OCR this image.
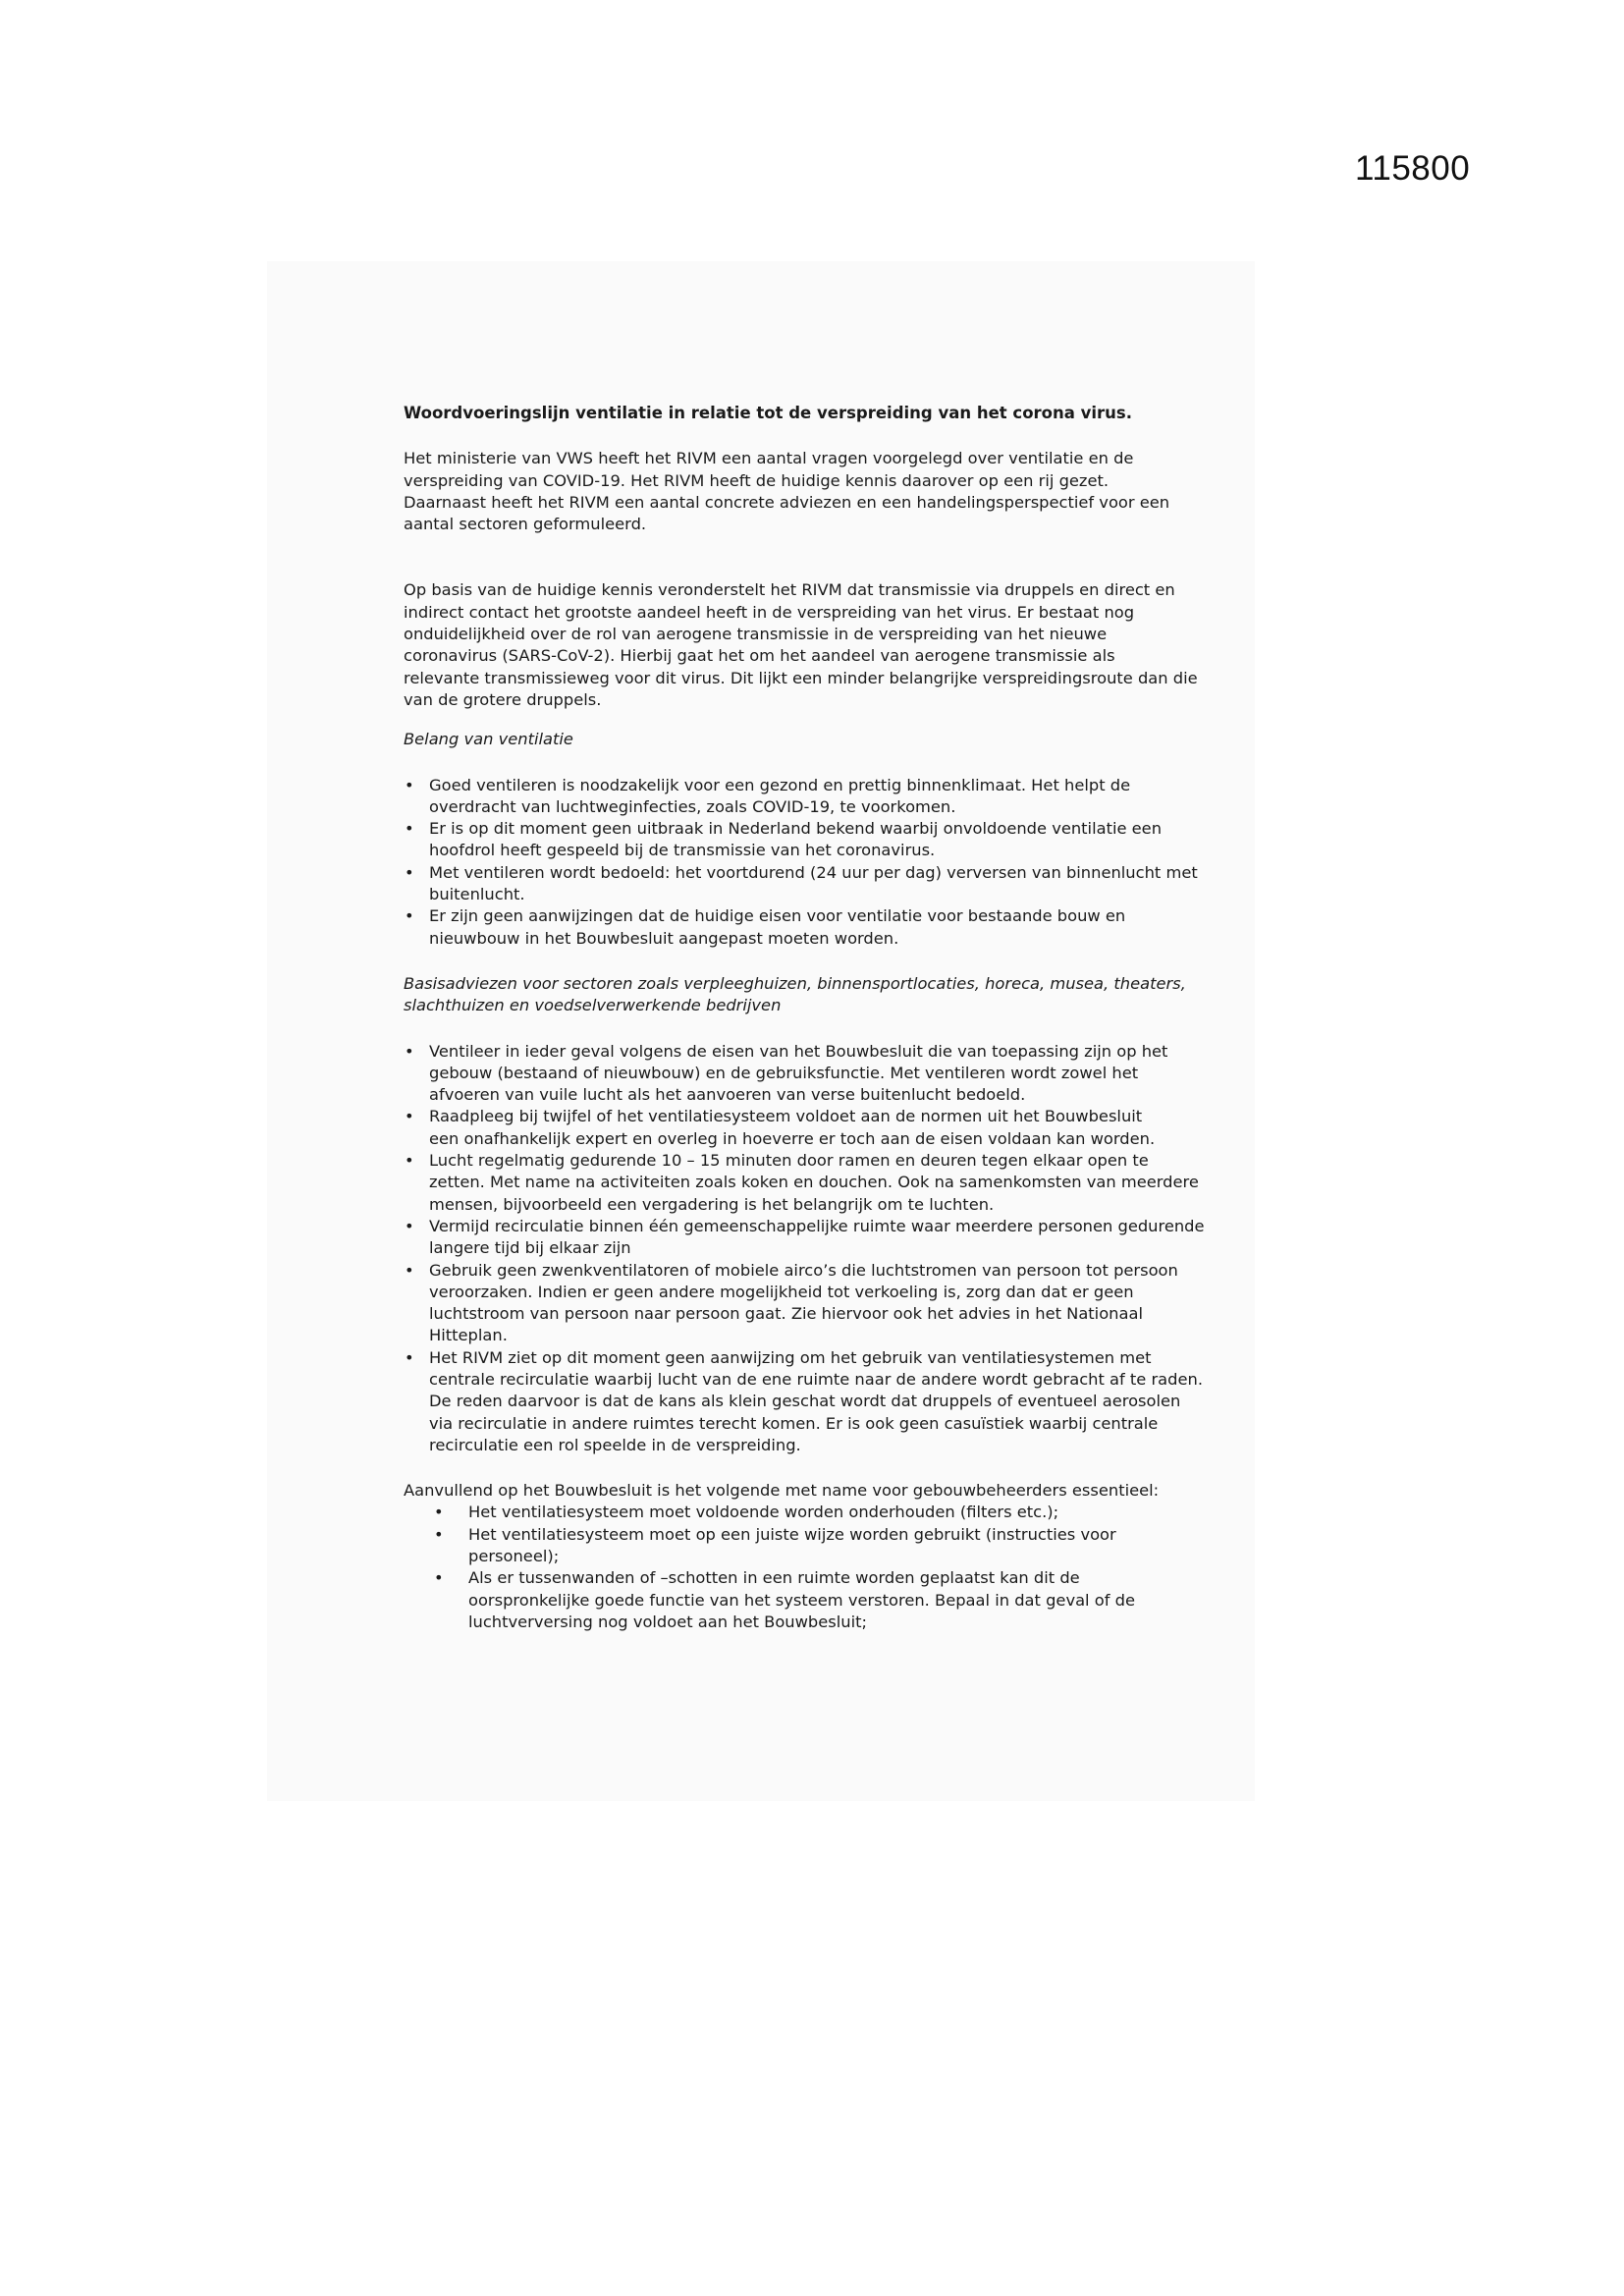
115800

Woordvoeringslijn ventilatie in relatie tot de verspreiding van het corona virus.

Het ministerie van VWS heeft het RIVM een aantal vragen voorgelegd over ventilatie en de
verspreiding van COVID-19. Het RIVM heeft de huidige kennis daarover op een rij gezet.
Daarnaast heeft het RIVM een aantal concrete adviezen en een handelingsperspectief voor een
aantal sectoren geformuleerd.

Op basis van de huidige kennis veronderstelt het RIVM dat transmissie via druppels en direct en
indirect contact het grootste aandeel heeft in de verspreiding van het virus. Er bestaat nog
onduidelijkheid over de rol van aerogene transmissie in de verspreiding van het nieuwe
coronavirus (SARS-CoV-2). Hierbij gaat het om het aandeel van aerogene transmissie als
relevante transmissieweg voor dit virus. Dit lijkt een minder belangrijke verspreidingsroute dan die
van de grotere druppels.

Belang van ventilatie

• Goed ventileren is noodzakelijk voor een gezond en prettig binnenklimaat. Het helpt de
overdracht van luchtweginfecties, zoals COVID-19, te voorkomen.
• Er is op dit moment geen uitbraak in Nederland bekend waarbij onvoldoende ventilatie een
hoofdrol heeft gespeeld bij de transmissie van het coronavirus.
• Met ventileren wordt bedoeld: het voortdurend (24 uur per dag) verversen van binnenlucht met
buitenlucht.
• Er zijn geen aanwijzingen dat de huidige eisen voor ventilatie voor bestaande bouw en
nieuwbouw in het Bouwbesluit aangepast moeten worden.

Basisadviezen voor sectoren zoals verpleeghuizen, binnensportlocaties, horeca, musea, theaters,
slachthuizen en voedselverwerkende bedrijven

• Ventileer in ieder geval volgens de eisen van het Bouwbesluit die van toepassing zijn op het
gebouw (bestaand of nieuwbouw) en de gebruiksfunctie. Met ventileren wordt zowel het
afvoeren van vuile lucht als het aanvoeren van verse buitenlucht bedoeld.
• Raadpleeg bij twijfel of het ventilatiesysteem voldoet aan de normen uit het Bouwbesluit
een onafhankelijk expert en overleg in hoeverre er toch aan de eisen voldaan kan worden.
• Lucht regelmatig gedurende 10 – 15 minuten door ramen en deuren tegen elkaar open te
zetten. Met name na activiteiten zoals koken en douchen. Ook na samenkomsten van meerdere
mensen, bijvoorbeeld een vergadering is het belangrijk om te luchten.
• Vermijd recirculatie binnen één gemeenschappelijke ruimte waar meerdere personen gedurende
langere tijd bij elkaar zijn
• Gebruik geen zwenkventilatoren of mobiele airco’s die luchtstromen van persoon tot persoon
veroorzaken. Indien er geen andere mogelijkheid tot verkoeling is, zorg dan dat er geen
luchtstroom van persoon naar persoon gaat. Zie hiervoor ook het advies in het Nationaal
Hitteplan.
• Het RIVM ziet op dit moment geen aanwijzing om het gebruik van ventilatiesystemen met
centrale recirculatie waarbij lucht van de ene ruimte naar de andere wordt gebracht af te raden.
De reden daarvoor is dat de kans als klein geschat wordt dat druppels of eventueel aerosolen
via recirculatie in andere ruimtes terecht komen. Er is ook geen casuïstiek waarbij centrale
recirculatie een rol speelde in de verspreiding.

Aanvullend op het Bouwbesluit is het volgende met name voor gebouwbeheerders essentieel:

• Het ventilatiesysteem moet voldoende worden onderhouden (filters etc.);
• Het ventilatiesysteem moet op een juiste wijze worden gebruikt (instructies voor
personeel);
• Als er tussenwanden of –schotten in een ruimte worden geplaatst kan dit de
oorspronkelijke goede functie van het systeem verstoren. Bepaal in dat geval of de
luchtverversing nog voldoet aan het Bouwbesluit;
